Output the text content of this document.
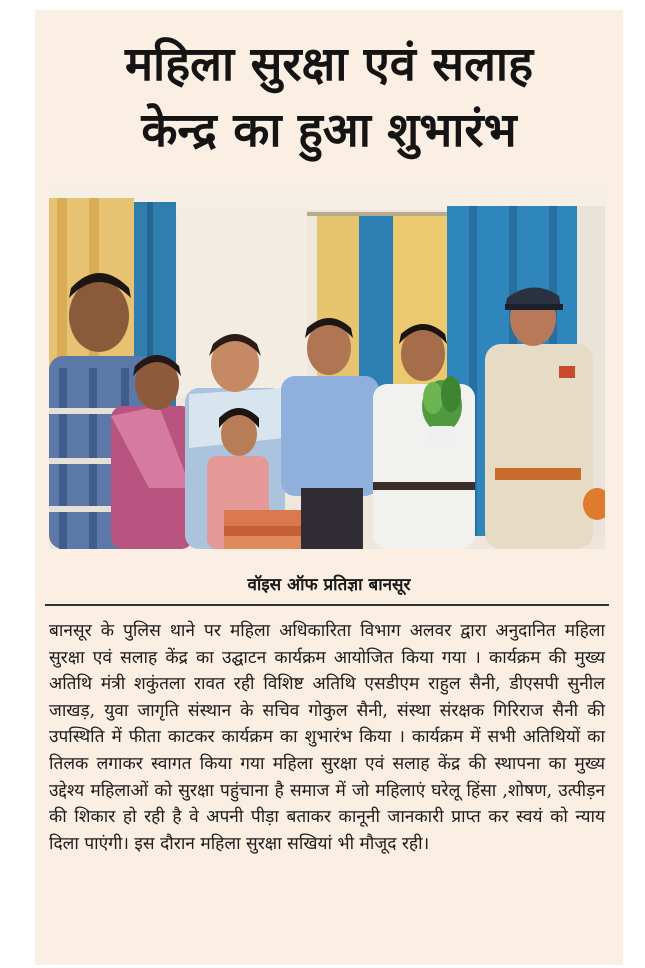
महिला सुरक्षा एवं सलाह
केन्द्र का हुआ शुभारंभ
वॉइस ऑफ प्रतिज्ञा बानसूर
बानसूर के पुलिस थाने पर महिला अधिकारिता विभाग अलवर द्वारा अनुदानित महिला सुरक्षा एवं सलाह केंद्र का उद्घाटन कार्यक्रम आयोजित किया गया । कार्यक्रम की मुख्य अतिथि मंत्री शकुंतला रावत रही विशिष्ट अतिथि एसडीएम राहुल सैनी, डीएसपी सुनील जाखड़, युवा जागृति संस्थान के सचिव गोकुल सैनी, संस्था संरक्षक गिरिराज सैनी की उपस्थिति में फीता काटकर कार्यक्रम का शुभारंभ किया । कार्यक्रम में सभी अतिथियों का तिलक लगाकर स्वागत किया गया महिला सुरक्षा एवं सलाह केंद्र की स्थापना का मुख्य उद्देश्य महिलाओं को सुरक्षा पहुंचाना है समाज में जो महिलाएं घरेलू हिंसा ,शोषण, उत्पीड़न की शिकार हो रही है वे अपनी पीड़ा बताकर कानूनी जानकारी प्राप्त कर स्वयं को न्याय दिला पाएंगी। इस दौरान महिला सुरक्षा सखियां भी मौजूद रही।
